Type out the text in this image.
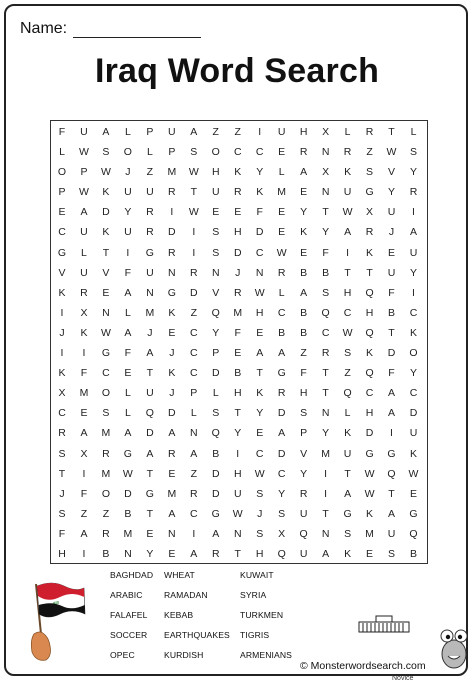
Name:
Iraq Word Search
F	U	A	L	P	U	A	Z	Z	I	U	H	X	L	R	T	L
L	W	S	O	L	P	S	O	C	C	E	R	N	R	Z	W	S
O	P	W	J	Z	M	W	H	K	Y	L	A	X	K	S	V	Y
P	W	K	U	U	R	T	U	R	K	M	E	N	U	G	Y	R
E	A	D	Y	R	I	W	E	E	F	E	Y	T	W	X	U	I
C	U	K	U	R	D	I	S	H	D	E	K	Y	A	R	J	A
G	L	T	I	G	R	I	S	D	C	W	E	F	I	K	E	U
V	U	V	F	U	N	R	N	J	N	R	B	B	T	T	U	Y
K	R	E	A	N	G	D	V	R	W	L	A	S	H	Q	F	I
I	X	N	L	M	K	Z	Q	M	H	C	B	Q	C	H	B	C
J	K	W	A	J	E	C	Y	F	E	B	B	C	W	Q	T	K
I	I	G	F	A	J	C	P	E	A	A	Z	R	S	K	D	O
K	F	C	E	T	K	C	D	B	T	G	F	T	Z	Q	F	Y
X	M	O	L	U	J	P	L	H	K	R	H	T	Q	C	A	C
C	E	S	L	Q	D	L	S	T	Y	D	S	N	L	H	A	D
R	A	M	A	D	A	N	Q	Y	E	A	P	Y	K	D	I	U
S	X	R	G	A	R	A	B	I	C	D	V	M	U	G	G	K
T	I	M	W	T	E	Z	D	H	W	C	Y	I	T	W	Q	W
J	F	O	D	G	M	R	D	U	S	Y	R	I	A	W	T	E
S	Z	Z	B	T	A	C	G	W	J	S	U	T	G	K	A	G
F	A	R	M	E	N	I	A	N	S	X	Q	N	S	M	U	Q
H	I	B	N	Y	E	A	R	T	H	Q	U	A	K	E	S	B
ﷲ
BAGHDAD
ARABIC
FALAFEL
SOCCER
OPEC
WHEAT
RAMADAN
KEBAB
EARTHQUAKES
KURDISH
KUWAIT
SYRIA
TURKMEN
TIGRIS
ARMENIANS
© Monsterwordsearch.com
Novice
